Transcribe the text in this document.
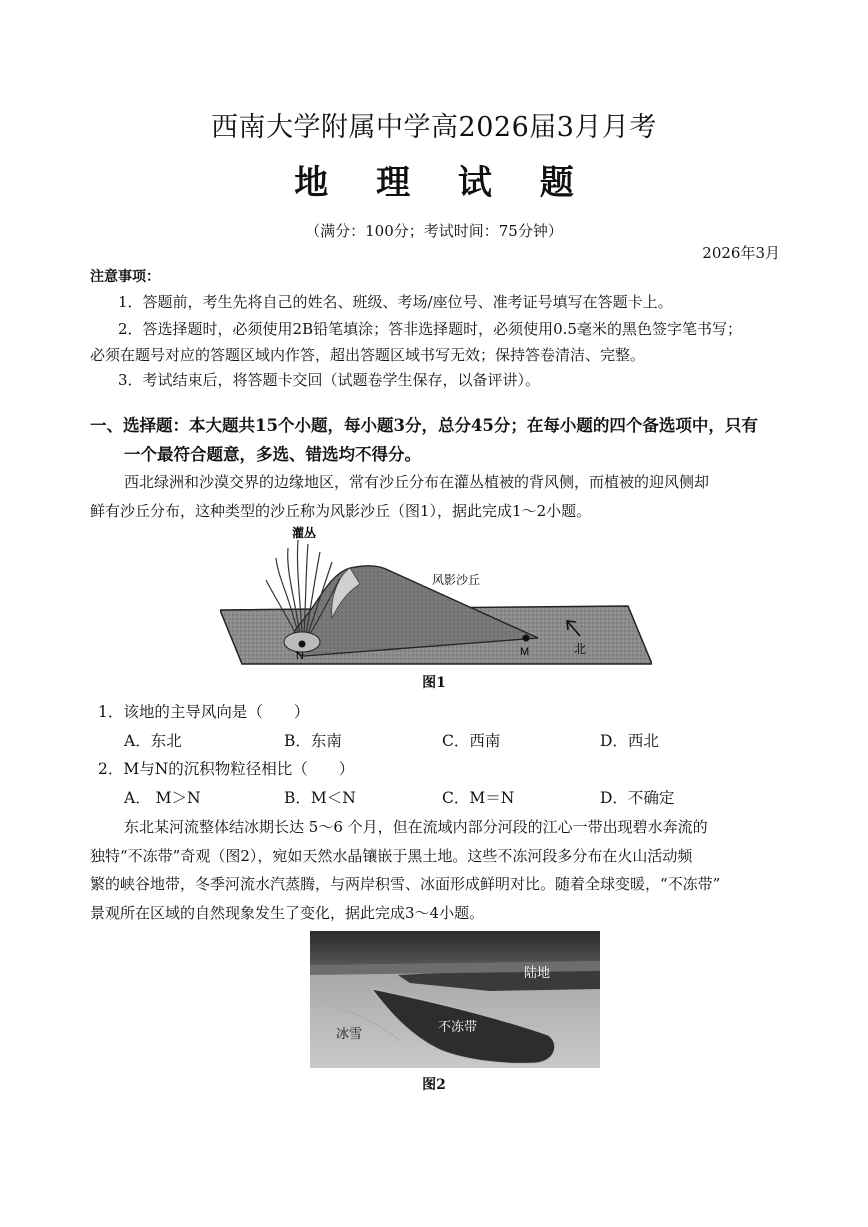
西南大学附属中学高2026届3月月考
地 理 试 题
（满分：100分；考试时间：75分钟）
2026年3月
注意事项：
1．答题前，考生先将自己的姓名、班级、考场/座位号、准考证号填写在答题卡上。
2．答选择题时，必须使用2B铅笔填涂；答非选择题时，必须使用0.5毫米的黑色签字笔书写；
必须在题号对应的答题区域内作答，超出答题区域书写无效；保持答卷清洁、完整。
3．考试结束后，将答题卡交回（试题卷学生保存，以备评讲）。
一、选择题：本大题共15个小题，每小题3分，总分45分；在每小题的四个备选项中，只有
一个最符合题意，多选、错选均不得分。
西北绿洲和沙漠交界的边缘地区，常有沙丘分布在灌丛植被的背风侧，而植被的迎风侧却
鲜有沙丘分布，这种类型的沙丘称为风影沙丘（图1），据此完成1～2小题。
灌丛
风影沙丘
N	M	北
图1
1．该地的主导风向是（　　）
A．东北	B．东南	C．西南	D．西北
2．M与N的沉积物粒径相比（　　）
A． M＞N	B．M＜N	C．M＝N	D．不确定
东北某河流整体结冰期长达 5～6 个月，但在流域内部分河段的江心一带出现碧水奔流的
独特“不冻带”奇观（图2），宛如天然水晶镶嵌于黑土地。这些不冻河段多分布在火山活动频
繁的峡谷地带，冬季河流水汽蒸腾，与两岸积雪、冰面形成鲜明对比。随着全球变暖，“不冻带”
景观所在区域的自然现象发生了变化，据此完成3～4小题。
陆地
不冻带
冰雪
图2
